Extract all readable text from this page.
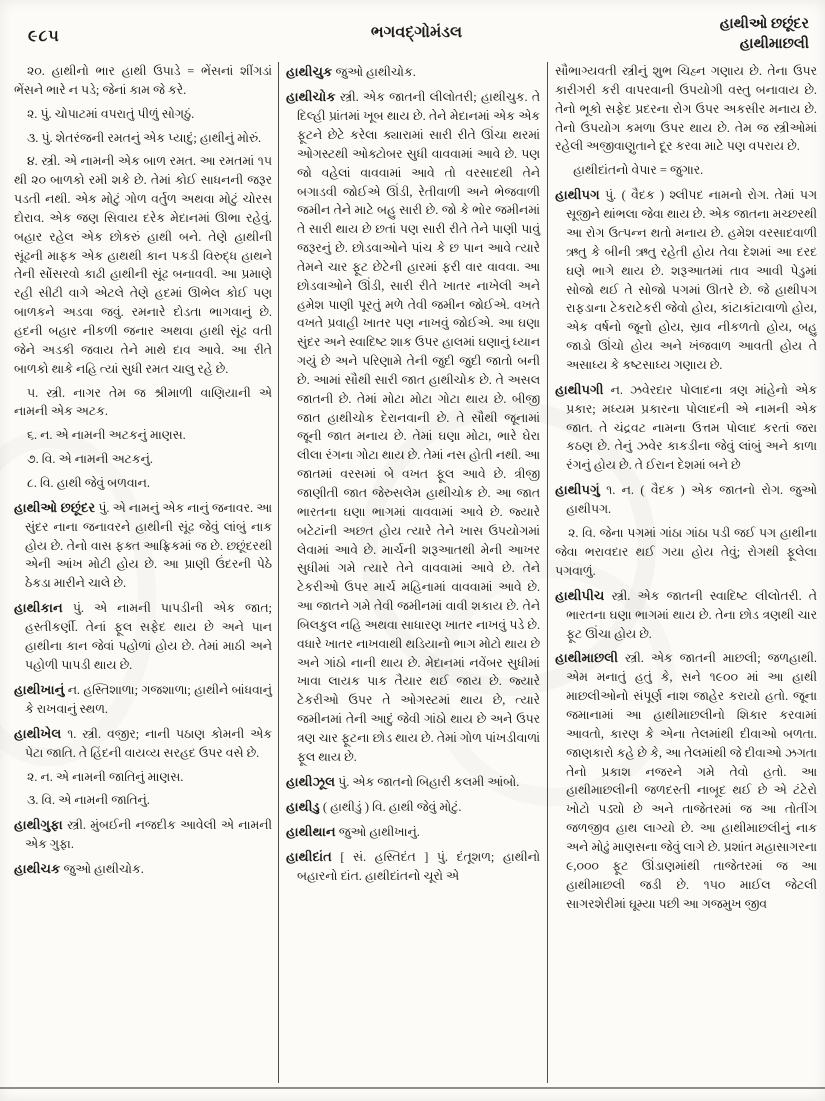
૯૮૫	ભગવદ્ગોમંડલ	હાથીઓ છછૂંદર
હાથીમાછલી

૨૦. હાથીનો ભાર હાથી ઉપાડે = ભેંસનાં શીંગડાં ભેંસને ભારે ન પડે; જેનાં કામ જે કરે.

૨. પું. ચોપાટમાં વપરાતું પીળું સોગઠું.

૩. પું. શેતરંજની રમતનું એક પ્યાદું; હાથીનું મોરું.

૪. સ્ત્રી. એ નામની એક બાળ રમત. આ રમતમાં ૧૫ થી ૨૦ બાળકો રમી શકે છે. તેમાં કોઈ સાધનની જરૂર પડતી નથી. એક મોટું ગોળ વર્તુળ અથવા મોટું ચોરસ દોરાવ. એક જણ સિવાય દરેક મેદાનમાં ઊભા રહેવું. બહાર રહેલ એક છોકરું હાથી બને. તેણે હાથીની સૂંઢની માફક એક હાથથી કાન પકડી વિરુદ્ધ હાથને તેની સોંસરવો કાઢી હાથીની સૂંઢ બનાવવી. આ પ્રમાણે રહી સીટી વાગે એટલે તેણે હદમાં ઊભેલ કોઈ પણ બાળકને અડવા જવું. રમનારે દોડતા ભાગવાનું છે. હદની બહાર નીકળી જનાર અથવા હાથી સૂંઢ વતી જેને અડકી જવાય તેને માથે દાવ આવે. આ રીતે બાળકો થાકે નહિ ત્યાં સુધી રમત ચાલુ રહે છે.

૫. સ્ત્રી. નાગર તેમ જ શ્રીમાળી વાણિયાની એ નામની એક અટક.

૬. ન. એ નામની અટકનું માણસ.

૭. વિ. એ નામની અટકનું.

૮. વિ. હાથી જેવું બળવાન.

હાથીઓ છછૂંદર પું. એ નામનું એક નાનું જનાવર. આ સુંદર નાના જનાવરને હાથીની સૂંઢ જેવું લાંબું નાક હોય છે. તેનો વાસ ફક્ત આફ્રિકમાં જ છે. છછૂંદરથી એની આંખ મોટી હોય છે. આ પ્રાણી ઉંદરની પેઠે ઠેકડા મારીને ચાલે છે.

હાથીકાન પું. એ નામની પાપડીની એક જાત; હસ્તીકર્ણી. તેનાં ફૂલ સફેદ થાય છે અને પાન હાથીના કાન જેવાં પહોળાં હોય છે. તેમાં માઠી અને પહોળી પાપડી થાય છે.

હાથીખાનું ન. હસ્તિશાળા; ગજશાળા; હાથીને બાંધવાનું કે રાખવાનું સ્થળ.

હાથીખેલ ૧. સ્ત્રી. વજીર; નાની પઠાણ કોમની એક પેટા જાતિ. તે હિંદની વાયવ્ય સરહદ ઉપર વસે છે.

૨. ન. એ નામની જાતિનું માણસ.

૩. વિ. એ નામની જાતિનું.

હાથીગુફા સ્ત્રી. મુંબઈની નજદીક આવેલી એ નામની એક ગુફા.

હાથીચક જુઓ હાથીચોક.

હાથીચુક જુઓ હાથીચોક.

હાથીચોક સ્ત્રી. એક જાતની લીલોતરી; હાથીચુક. તે દિલ્હી પ્રાંતમાં ખૂબ થાય છે. તેને મેદાનમાં એક એક ફૂટને છેટે કરેલા ક્યારામાં સારી રીતે ઊંચા થરમાં ઓગસ્ટથી ઓક્ટોબર સુધી વાવવામાં આવે છે. પણ જો વહેલાં વાવવામાં આવે તો વરસાદથી તેને બગાડવી જોઈએ ઊંડી, રેતીવાળી અને ભેજવાળી જમીન તેને માટે બહુ સારી છે. જો કે ભોર જમીનમાં તે સારી થાય છે છતાં પણ સારી રીતે તેને પાણી પાવું જરૂરનું છે. છોડવાઓને પાંચ કે છ પાન આવે ત્યારે તેમને ચાર ફૂટ છેટેની હારમાં ફરી વાર વાવવા. આ છોડવાઓને ઊંડી, સારી રીતે ખાતર નાખેલી અને હમેશ પાણી પૂરતું મળે તેવી જમીન જોઈએ. વખતે વખતે પ્રવાહી ખાતર પણ નાખવું જોઈએ. આ ઘણા સુંદર અને સ્વાદિષ્ટ શાક ઉપર હાલમાં ઘણાનું ધ્યાન ગયું છે અને પરિણામે તેની જુદી જુદી જાતો બની છે. આમાં સૌથી સારી જાત હાથીચોક છે. તે અસલ જાતની છે. તેમાં મોટા મોટા ગોટા થાય છે. બીજી જાત હાથીચોક દેરાનવાની છે. તે સૌથી જૂનામાં જૂની જાત મનાય છે. તેમાં ઘણા મોટા, ભારે ઘેરા લીલા રંગના ગોટા થાય છે. તેમાં નસ હોતી નથી. આ જાતમાં વરસમાં બે વખત ફૂલ આવે છે. ત્રીજી જાણીતી જાત જેરુસલેમ હાથીચોક છે. આ જાત ભારતના ઘણા ભાગમાં વાવવામાં આવે છે. જ્યારે બટેટાંની અછત હોય ત્યારે તેને ખાસ ઉપયોગમાં લેવામાં આવે છે. માર્ચની શરૂઆતથી મેની આખર સુધીમાં ગમે ત્યારે તેને વાવવામાં આવે છે. તેને ટેકરીઓ ઉપર માર્ચ મહિનામાં વાવવામાં આવે છે. આ જાતને ગમે તેવી જમીનમાં વાવી શકાય છે. તેને બિલકુલ નહિ અથવા સાધારણ ખાતર નાખવું પડે છે. વધારે ખાતર નાખવાથી થડિયાનો ભાગ મોટો થાય છે અને ગાંઠો નાની થાય છે. મેદાનમાં નવેંબર સુધીમાં ખાવા લાયક પાક તૈયાર થઈ જાય છે. જ્યારે ટેકરીઓ ઉપર તે ઓગસ્ટમાં થાય છે, ત્યારે જમીનમાં તેની આદું જેવી ગાંઠો થાય છે અને ઉપર ત્રણ ચાર ફૂટના છોડ થાય છે. તેમાં ગોળ પાંખડીવાળાં ફૂલ થાય છે.

હાથીઝૂલ પું. એક જાતનો બિહારી કલમી આંબો.

હાથીડુ ( હાથીડું ) વિ. હાથી જેવું મોટું.

હાથીથાન જુઓ હાથીખાનું.

હાથીદાંત [ સં. હસ્તિદંત ] પું. દંતૂશળ; હાથીનો બહારનો દાંત. હાથીદાંતનો ચૂરો એ

સૌભાગ્યવતી સ્ત્રીનું શુભ ચિહ્ન ગણાય છે. તેના ઉપર કારીગરી કરી વાપરવાની ઉપયોગી વસ્તુ બનાવાય છે. તેનો ભૂકો સફેદ પ્રદરના રોગ ઉપર અકસીર મનાય છે. તેનો ઉપયોગ કમળા ઉપર થાય છે. તેમ જ સ્ત્રીઓમાં રહેલી અજીવાણુતાને દૂર કરવા માટે પણ વપરાય છે.

હાથીદાંતનો વેપાર = જુગાર.

હાથીપગ પું. ( વૈદક ) શ્લીપદ નામનો રોગ. તેમાં પગ સૂજીને થાંભલા જેવા થાય છે. એક જાતના મચ્છરથી આ રોગ ઉત્પન્ન થતો મનાય છે. હમેશ વરસાદવાળી ઋતુ કે બીની ઋતુ રહેતી હોય તેવા દેશમાં આ દરદ ઘણે ભાગે થાય છે. શરૂઆતમાં તાવ આવી પેડુમાં સોજો થઈ તે સોજો પગમાં ઊતરે છે. જે હાથીપગ રાફડાના ટેકરાટેકરી જેવો હોય, કાંટાકાંટાવાળો હોય, એક વર્ષનો જૂનો હોય, સ્રાવ નીકળતો હોય, બહુ જાડો ઊંચો હોય અને ખંજવાળ આવતી હોય તે અસાધ્ય કે કષ્ટસાધ્ય ગણાય છે.

હાથીપગી ન. ઝવેરદાર પોલાદના ત્રણ માંહેનો એક પ્રકાર; મધ્યમ પ્રકારના પોલાદની એ નામની એક જાત. તે ચંદ્રવટ નામના ઉત્તમ પોલાદ કરતાં જરા કઠણ છે. તેનું ઝવેર કાકડીના જેવું લાંબું અને કાળા રંગનું હોય છે. તે ઈરાન દેશમાં બને છે

હાથીપગું ૧. ન. ( વૈદક ) એક જાતનો રોગ. જુઓ હાથીપગ.

૨. વિ. જેના પગમાં ગાંઠા ગાંઠા પડી જઈ પગ હાથીના જેવા ભરાવદાર થઈ ગયા હોય તેવું; રોગથી ફૂલેલા પગવાળું.

હાથીપીચ સ્ત્રી. એક જાતની સ્વાદિષ્ટ લીલોતરી. તે ભારતના ઘણા ભાગમાં થાય છે. તેના છોડ ત્રણથી ચાર ફૂટ ઊંચા હોય છે.

હાથીમાછલી સ્ત્રી. એક જાતની માછલી; જળહાથી. એમ મનાતું હતું કે, સને ૧૯૦૦ માં આ હાથી માછલીઓનો સંપૂર્ણ નાશ જાહેર કરાયો હતો. જૂના જમાનામાં આ હાથીમાછલીનો શિકાર કરવામાં આવતો, કારણ કે એના તેલમાંથી દીવાઓ બળતા. જાણકારો કહે છે કે, આ તેલમાંથી જે દીવાઓ ઝગતા તેનો પ્રકાશ નજરને ગમે તેવો હતો. આ હાથીમાછલીની જળદસ્તી નાબૂદ થઈ છે એ ટંટેરો ખોટો પડ્યો છે અને તાજેતરમાં જ આ તોતીંગ જળજીવ હાથ લાગ્યો છે. આ હાથીમાછલીનું નાક અને મોઢું માણસના જેવું લાગે છે. પ્રશાંત મહાસાગરના ૯,૦૦૦ ફૂટ ઊંડાણમાંથી તાજેતરમાં જ આ હાથીમાછલી જડી છે. ૧૫૦ માઈલ જેટલી સાગરશેરીમાં ઘૂમ્યા પછી આ ગજમુખ જીવ
